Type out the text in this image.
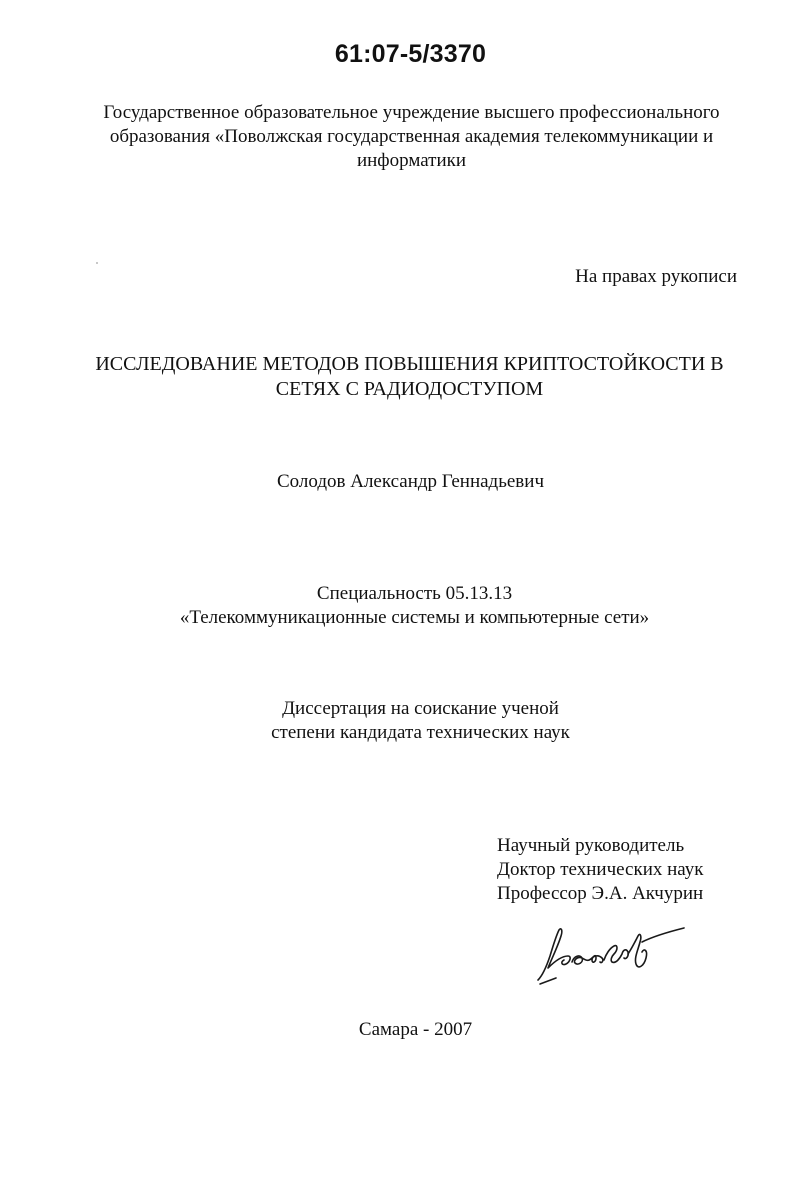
61:07-5/3370
Государственное образовательное учреждение высшего профессионального
образования «Поволжская государственная академия телекоммуникации и
информатики
На правах рукописи
ИССЛЕДОВАНИЕ МЕТОДОВ ПОВЫШЕНИЯ КРИПТОСТОЙКОСТИ В
СЕТЯХ С РАДИОДОСТУПОМ
Солодов Александр Геннадьевич
Специальность 05.13.13
«Телекоммуникационные системы и компьютерные сети»
Диссертация на соискание ученой
степени кандидата технических наук
Научный руководитель
Доктор технических наук
Профессор Э.А. Акчурин
Самара - 2007
